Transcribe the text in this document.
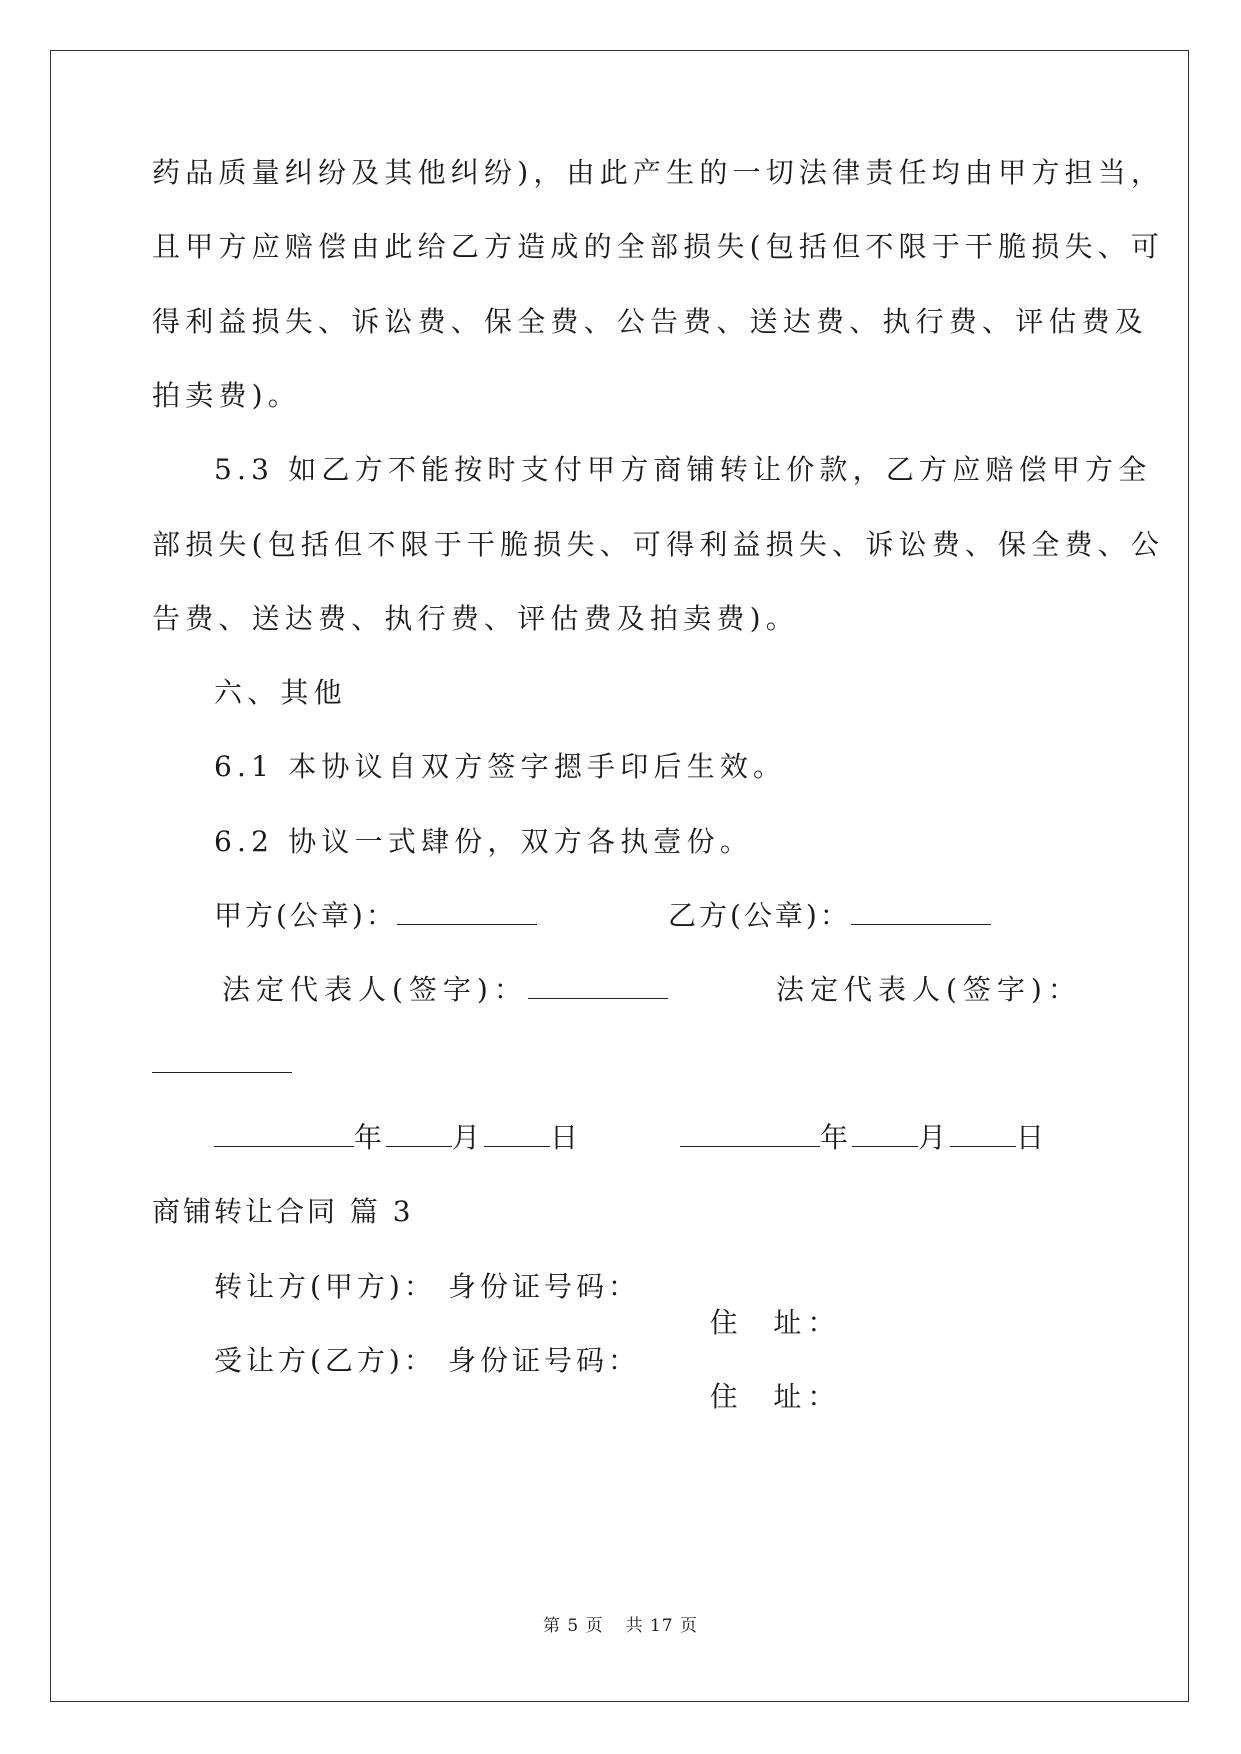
药品质量纠纷及其他纠纷)，由此产生的一切法律责任均由甲方担当，

且甲方应赔偿由此给乙方造成的全部损失(包括但不限于干脆损失、可

得利益损失、诉讼费、保全费、公告费、送达费、执行费、评估费及

拍卖费)。

5.3 如乙方不能按时支付甲方商铺转让价款，乙方应赔偿甲方全

部损失(包括但不限于干脆损失、可得利益损失、诉讼费、保全费、公

告费、送达费、执行费、评估费及拍卖费)。

六、其他

6.1 本协议自双方签字摁手印后生效。

6.2 协议一式肆份，双方各执壹份。

甲方(公章)：	乙方(公章)：
法定代表人(签字)：	法定代表人(签字)：
年 月 日	年 月 日

商铺转让合同 篇 3

转让方(甲方)： 身份证号码：

住  址：

受让方(乙方)： 身份证号码：

住  址：

第 5 页 共 17 页
